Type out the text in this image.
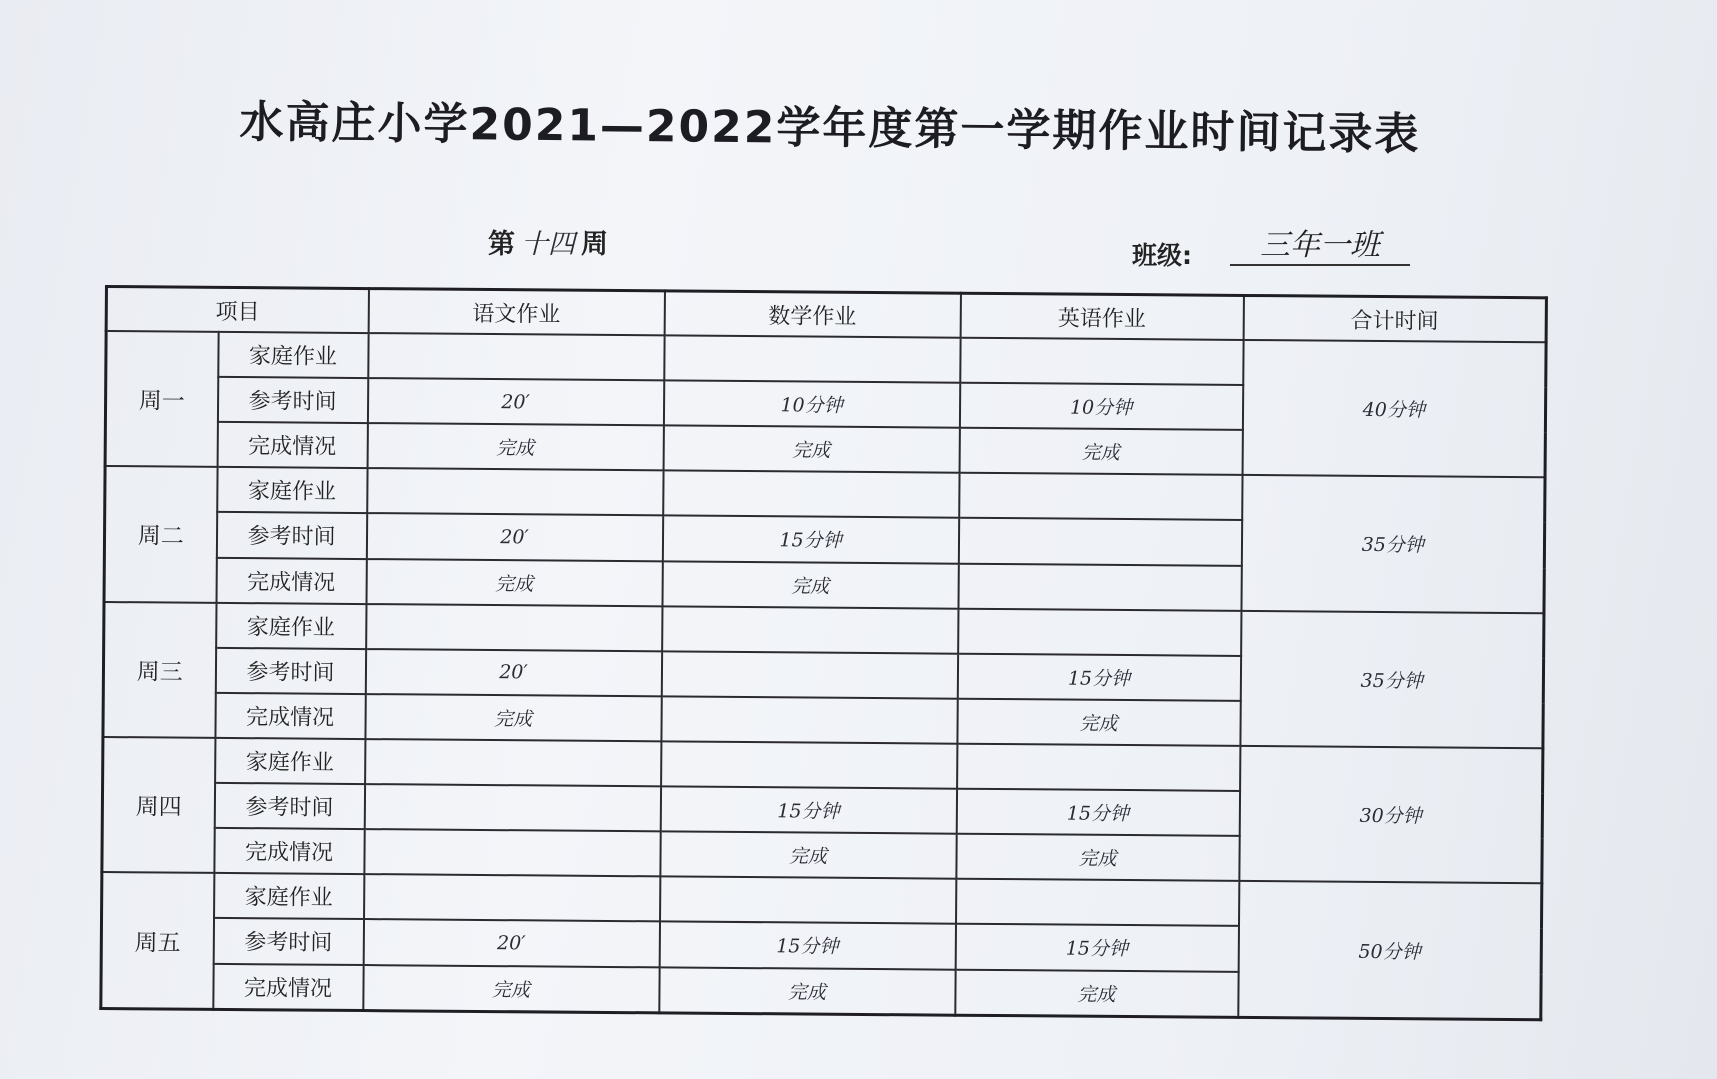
水高庄小学2021—2022学年度第一学期作业时间记录表
第 十四 周	班级:	三年一班
项目		语文作业	数学作业	英语作业	合计时间
周一	家庭作业				40分钟
	参考时间	20′	10分钟	10分钟	
	完成情况	完成	完成	完成	
周二	家庭作业				35分钟
	参考时间	20′	15分钟		
	完成情况	完成	完成		
周三	家庭作业				35分钟
	参考时间	20′		15分钟	
	完成情况	完成		完成	
周四	家庭作业				30分钟
	参考时间		15分钟	15分钟	
	完成情况		完成	完成	
周五	家庭作业				50分钟
	参考时间	20′	15分钟	15分钟	
	完成情况	完成	完成	完成	
